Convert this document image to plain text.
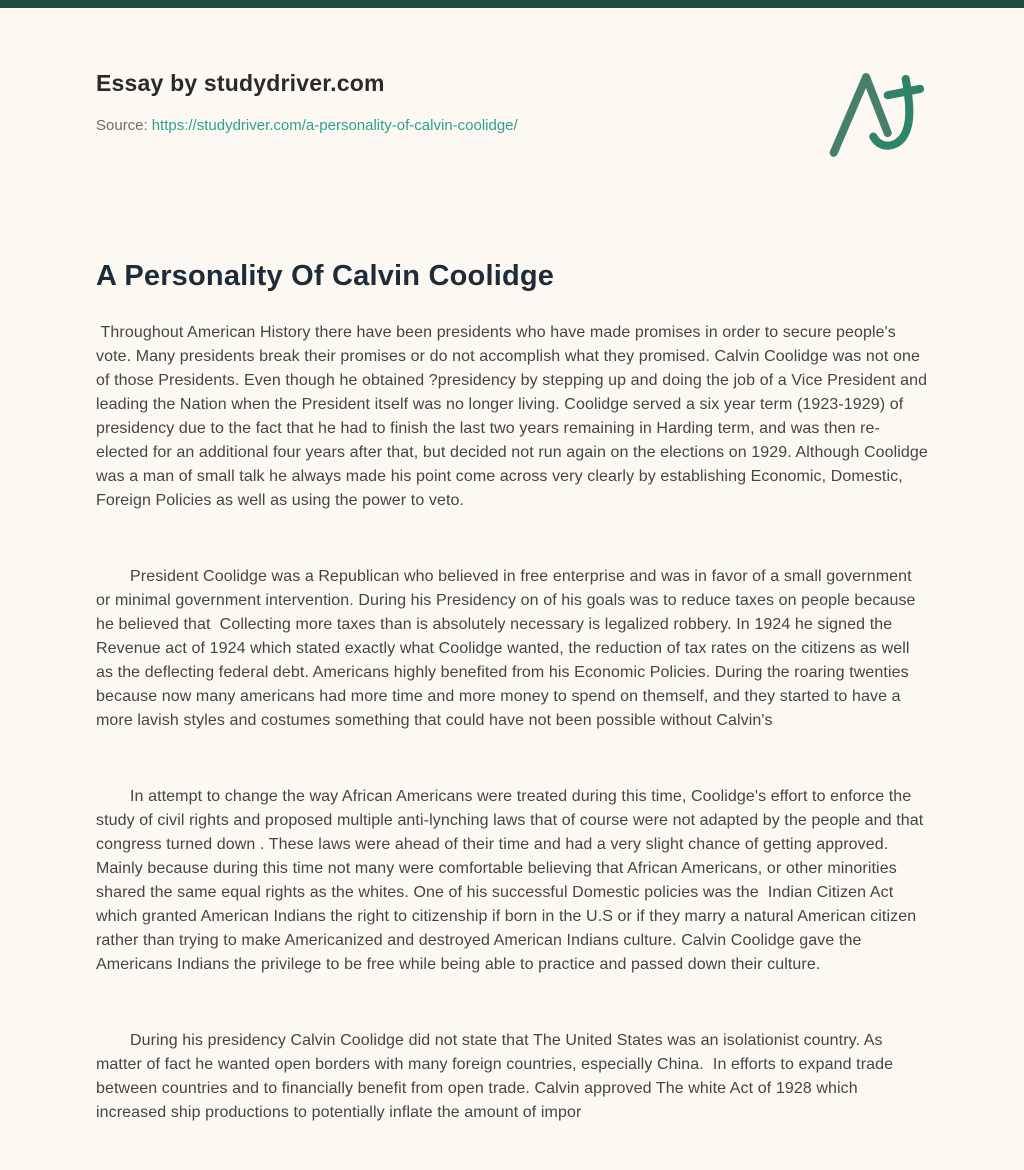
Essay by studydriver.com

Source: https://studydriver.com/a-personality-of-calvin-coolidge/

A Personality Of Calvin Coolidge

Throughout American History there have been presidents who have made promises in order to secure people's vote. Many presidents break their promises or do not accomplish what they promised. Calvin Coolidge was not one of those Presidents. Even though he obtained ?presidency by stepping up and doing the job of a Vice President and leading the Nation when the President itself was no longer living. Coolidge served a six year term (1923-1929) of presidency due to the fact that he had to finish the last two years remaining in Harding term, and was then re-elected for an additional four years after that, but decided not run again on the elections on 1929. Although Coolidge was a man of small talk he always made his point come across very clearly by establishing Economic, Domestic,  Foreign Policies as well as using the power to veto.

President Coolidge was a Republican who believed in free enterprise and was in favor of a small government or minimal government intervention. During his Presidency on of his goals was to reduce taxes on people because he believed that  Collecting more taxes than is absolutely necessary is legalized robbery. In 1924 he signed the Revenue act of 1924 which stated exactly what Coolidge wanted, the reduction of tax rates on the citizens as well as the deflecting federal debt. Americans highly benefited from his Economic Policies. During the roaring twenties because now many americans had more time and more money to spend on themself, and they started to have a more lavish styles and costumes something that could have not been possible without Calvin's

In attempt to change the way African Americans were treated during this time, Coolidge's effort to enforce the study of civil rights and proposed multiple anti-lynching laws that of course were not adapted by the people and that congress turned down . These laws were ahead of their time and had a very slight chance of getting approved. Mainly because during this time not many were comfortable believing that African Americans, or other minorities shared the same equal rights as the whites. One of his successful Domestic policies was the  Indian Citizen Act which granted American Indians the right to citizenship if born in the U.S or if they marry a natural American citizen rather than trying to make Americanized and destroyed American Indians culture. Calvin Coolidge gave the Americans Indians the privilege to be free while being able to practice and passed down their culture.

During his presidency Calvin Coolidge did not state that The United States was an isolationist country. As matter of fact he wanted open borders with many foreign countries, especially China.  In efforts to expand trade between countries and to financially benefit from open trade. Calvin approved The white Act of 1928 which increased ship productions to potentially inflate the amount of impor
